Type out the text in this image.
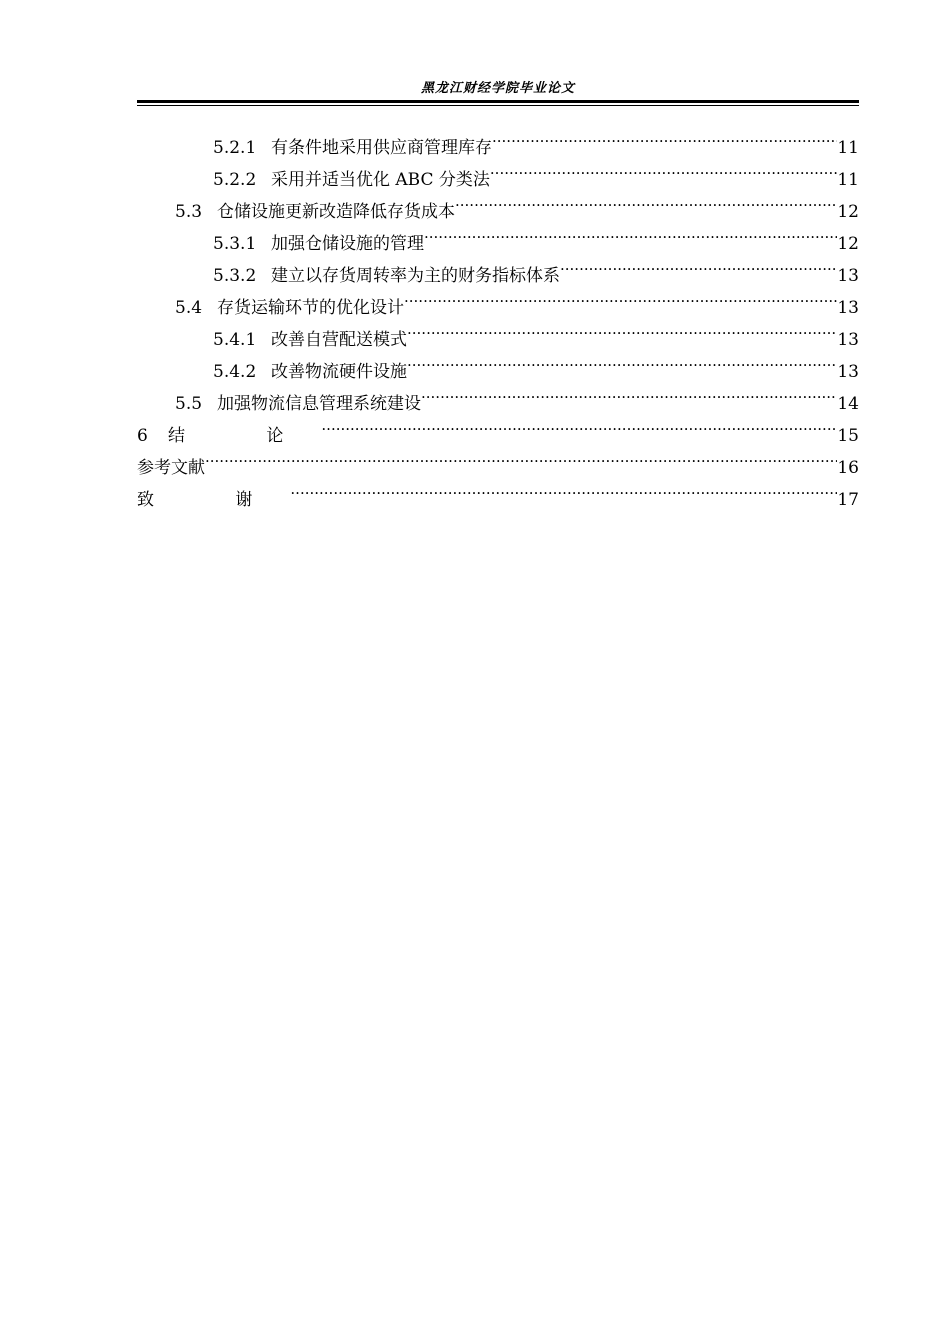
黑龙江财经学院毕业论文
5.2.1 有条件地采用供应商管理库存 .....	11
5.2.2 采用并适当优化 ABC 分类法 .....	11
5.3 仓储设施更新改造降低存货成本 .....	12
5.3.1 加强仓储设施的管理 .....	12
5.3.2 建立以存货周转率为主的财务指标体系 .....	13
5.4 存货运输环节的优化设计 .....	13
5.4.1 改善自营配送模式 .....	13
5.4.2 改善物流硬件设施 .....	13
5.5 加强物流信息管理系统建设 .....	14
6	结 论 .....	15
参考文献 .....	16
致 谢 .....	17
